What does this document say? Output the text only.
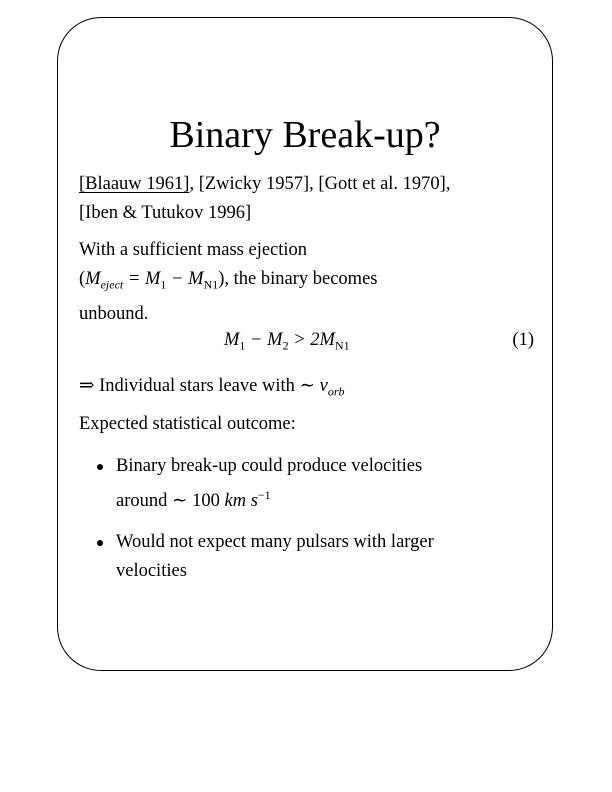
Binary Break-up?
[Blaauw 1961], [Zwicky 1957], [Gott et al. 1970],
[Iben & Tutukov 1996]
With a sufficient mass ejection
$(M_{eject} = M_1 - M_{N1})$, the binary becomes
unbound.
$M_1 - M_2 > 2M_{N1}$	(1)
⇒ Individual stars leave with ∼ $v_{orb}$
Expected statistical outcome:
Binary break-up could produce velocities
around ∼ 100 km $s^{-1}$
Would not expect many pulsars with larger
velocities
